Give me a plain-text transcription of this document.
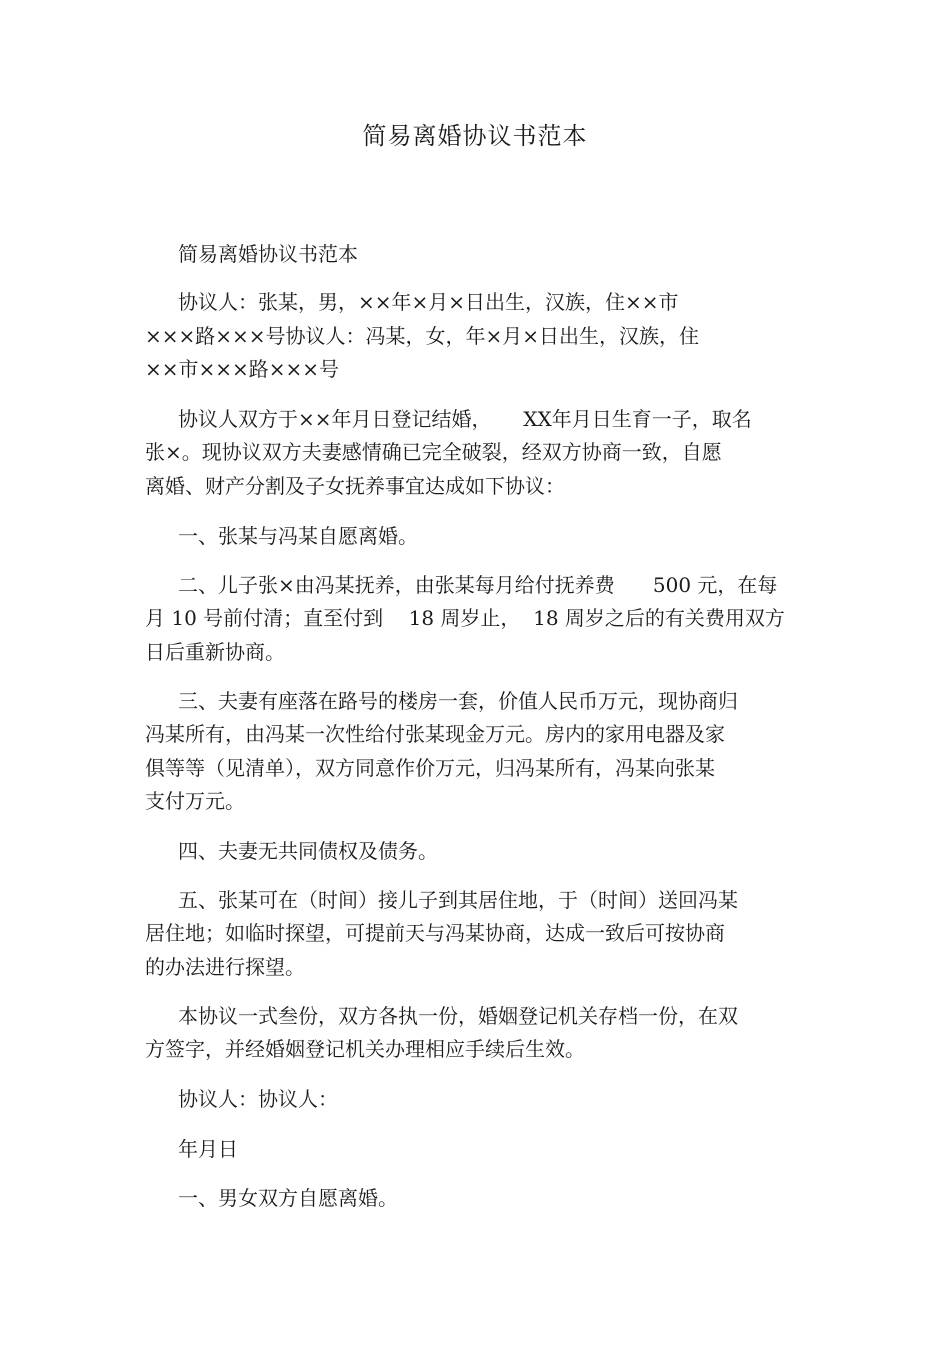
简易离婚协议书范本
简易离婚协议书范本
协议人：张某，男，××年×月×日出生，汉族，住××市
×××路×××号协议人：冯某，女，年×月×日出生，汉族，住
××市×××路×××号
协议人双方于××年月日登记结婚，     XX年月日生育一子，取名
张×。现协议双方夫妻感情确已完全破裂，经双方协商一致，自愿
离婚、财产分割及子女抚养事宜达成如下协议：
一、张某与冯某自愿离婚。
二、儿子张×由冯某抚养，由张某每月给付抚养费      500 元，在每
月 10 号前付清；直至付到    18 周岁止，  18 周岁之后的有关费用双方
日后重新协商。
三、夫妻有座落在路号的楼房一套，价值人民币万元，现协商归
冯某所有，由冯某一次性给付张某现金万元。房内的家用电器及家
俱等等（见清单），双方同意作价万元，归冯某所有，冯某向张某
支付万元。
四、夫妻无共同债权及债务。
五、张某可在（时间）接儿子到其居住地，于（时间）送回冯某
居住地；如临时探望，可提前天与冯某协商，达成一致后可按协商
的办法进行探望。
本协议一式叁份，双方各执一份，婚姻登记机关存档一份，在双
方签字，并经婚姻登记机关办理相应手续后生效。
协议人：协议人：
年月日
一、男女双方自愿离婚。
